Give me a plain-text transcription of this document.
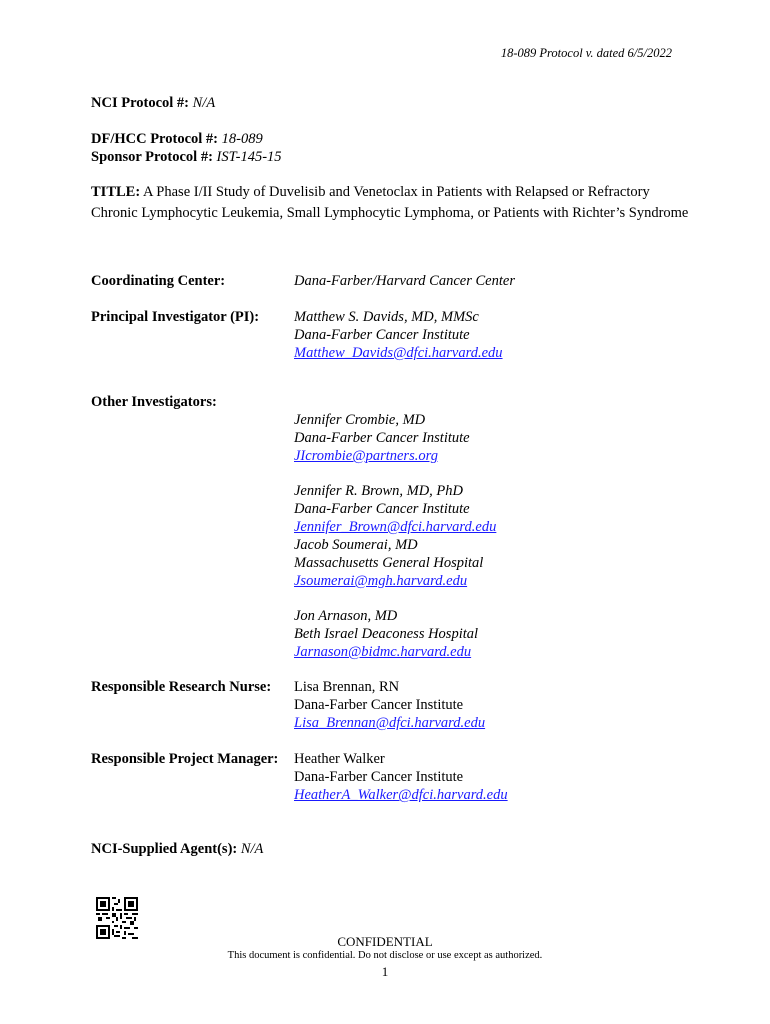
18-089 Protocol v. dated 6/5/2022
NCI Protocol #: N/A
DF/HCC Protocol #: 18-089
Sponsor Protocol #: IST-145-15
TITLE: A Phase I/II Study of Duvelisib and Venetoclax in Patients with Relapsed or Refractory Chronic Lymphocytic Leukemia, Small Lymphocytic Lymphoma, or Patients with Richter’s Syndrome
Coordinating Center:	Dana-Farber/Harvard Cancer Center
Principal Investigator (PI): Matthew S. Davids, MD, MMSc
Dana-Farber Cancer Institute
Matthew_Davids@dfci.harvard.edu
Other Investigators:
Jennifer Crombie, MD
Dana-Farber Cancer Institute
JIcrombie@partners.org
Jennifer R. Brown, MD, PhD
Dana-Farber Cancer Institute
Jennifer_Brown@dfci.harvard.edu
Jacob Soumerai, MD
Massachusetts General Hospital
Jsoumerai@mgh.harvard.edu
Jon Arnason, MD
Beth Israel Deaconess Hospital
Jarnason@bidmc.harvard.edu
Responsible Research Nurse: Lisa Brennan, RN
Dana-Farber Cancer Institute
Lisa_Brennan@dfci.harvard.edu
Responsible Project Manager: Heather Walker
Dana-Farber Cancer Institute
HeatherA_Walker@dfci.harvard.edu
NCI-Supplied Agent(s): N/A
CONFIDENTIAL
This document is confidential. Do not disclose or use except as authorized.
1
